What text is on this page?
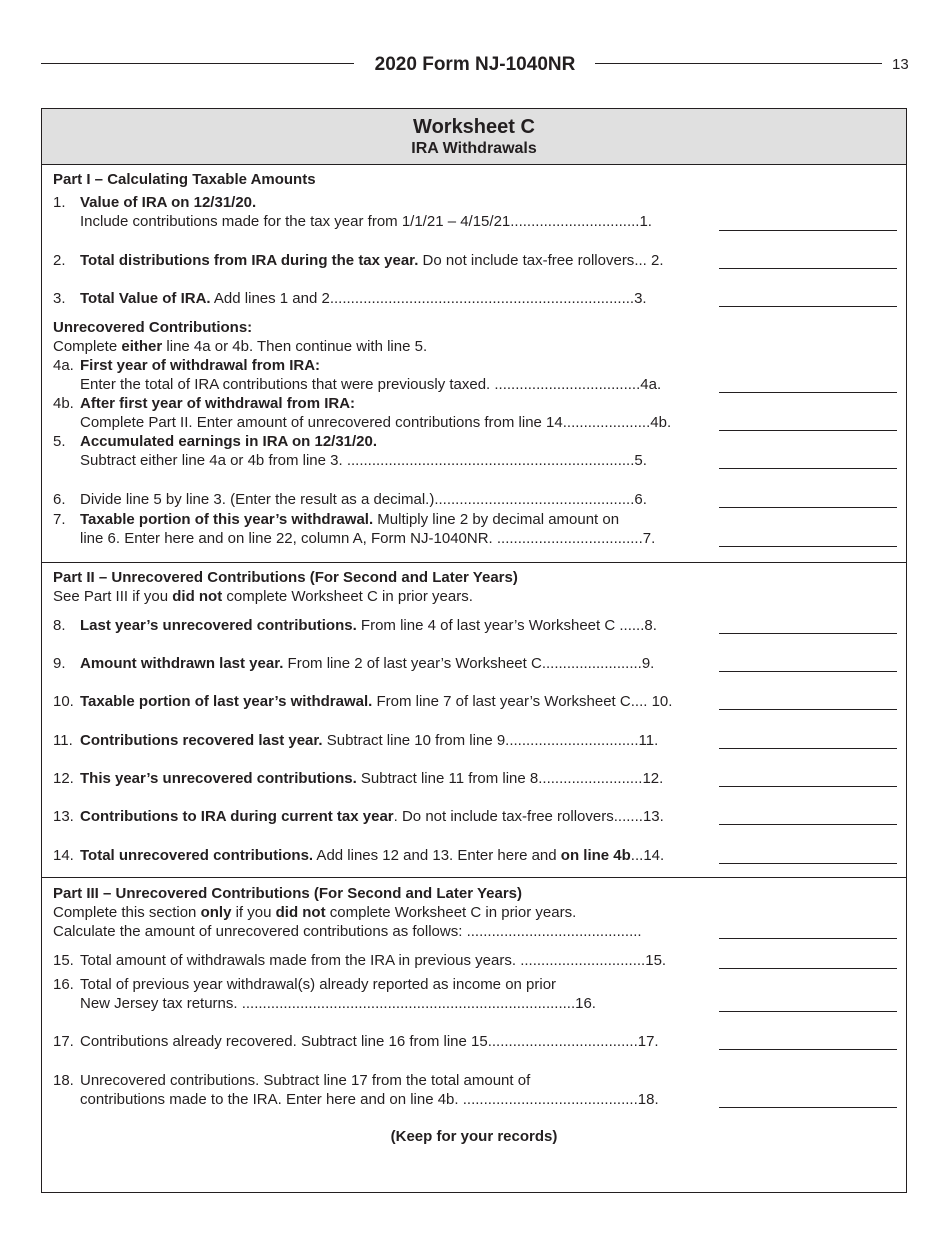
2020 Form NJ-1040NR	13
Worksheet C
IRA Withdrawals
Part I – Calculating Taxable Amounts
1. Value of IRA on 12/31/20.
Include contributions made for the tax year from 1/1/21 – 4/15/21...............................1.
2. Total distributions from IRA during the tax year. Do not include tax-free rollovers... 2.
3. Total Value of IRA. Add lines 1 and 2.........................................................................3.
Unrecovered Contributions:
Complete either line 4a or 4b. Then continue with line 5.
4a. First year of withdrawal from IRA:
Enter the total of IRA contributions that were previously taxed. ...................................4a.
4b. After first year of withdrawal from IRA:
Complete Part II. Enter amount of unrecovered contributions from line 14.....................4b.
5. Accumulated earnings in IRA on 12/31/20.
Subtract either line 4a or 4b from line 3. .....................................................................5.
6. Divide line 5 by line 3. (Enter the result as a decimal.)................................................6.
7. Taxable portion of this year’s withdrawal. Multiply line 2 by decimal amount on
line 6. Enter here and on line 22, column A, Form NJ-1040NR. ...................................7.
Part II – Unrecovered Contributions (For Second and Later Years)
See Part III if you did not complete Worksheet C in prior years.
8. Last year’s unrecovered contributions. From line 4 of last year’s Worksheet C ......8.
9. Amount withdrawn last year. From line 2 of last year’s Worksheet C........................9.
10. Taxable portion of last year’s withdrawal. From line 7 of last year’s Worksheet C.... 10.
11. Contributions recovered last year. Subtract line 10 from line 9................................11.
12. This year’s unrecovered contributions. Subtract line 11 from line 8.........................12.
13. Contributions to IRA during current tax year. Do not include tax-free rollovers.......13.
14. Total unrecovered contributions. Add lines 12 and 13. Enter here and on line 4b...14.
Part III – Unrecovered Contributions (For Second and Later Years)
Complete this section only if you did not complete Worksheet C in prior years.
Calculate the amount of unrecovered contributions as follows: ..........................................
15. Total amount of withdrawals made from the IRA in previous years. ..............................15.
16. Total of previous year withdrawal(s) already reported as income on prior
New Jersey tax returns. ................................................................................16.
17. Contributions already recovered. Subtract line 16 from line 15....................................17.
18. Unrecovered contributions. Subtract line 17 from the total amount of
contributions made to the IRA. Enter here and on line 4b. ..........................................18.
(Keep for your records)
